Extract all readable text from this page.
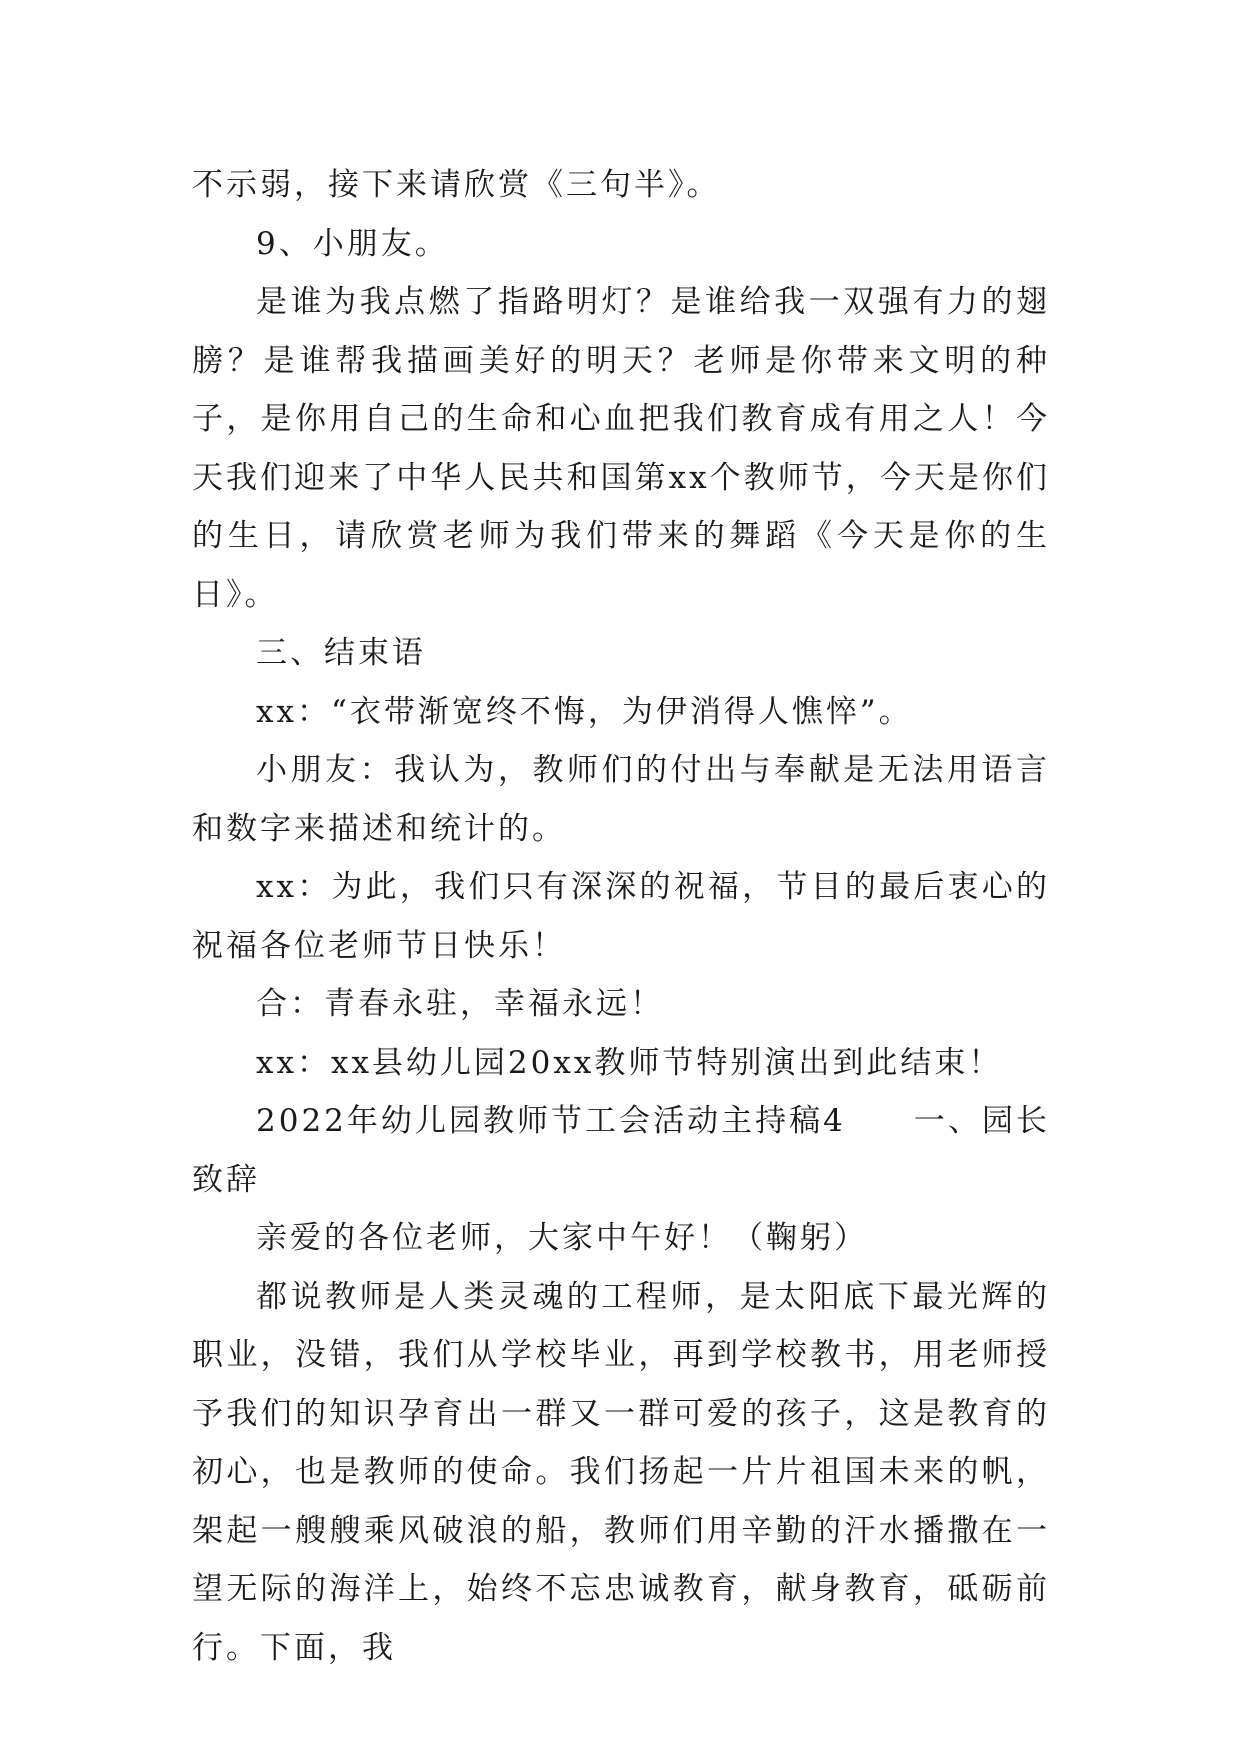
不示弱，接下来请欣赏《三句半》。

9、小朋友。

是谁为我点燃了指路明灯？是谁给我一双强有力的翅膀？是谁帮我描画美好的明天？老师是你带来文明的种子，是你用自己的生命和心血把我们教育成有用之人！今天我们迎来了中华人民共和国第xx个教师节，今天是你们的生日，请欣赏老师为我们带来的舞蹈《今天是你的生日》。

三、结束语

xx：“衣带渐宽终不悔，为伊消得人憔悴”。

小朋友：我认为，教师们的付出与奉献是无法用语言和数字来描述和统计的。

xx：为此，我们只有深深的祝福，节目的最后衷心的祝福各位老师节日快乐！

合：青春永驻，幸福永远！

xx：xx县幼儿园20xx教师节特别演出到此结束！

2022年幼儿园教师节工会活动主持稿4　　一、园长致辞

亲爱的各位老师，大家中午好！（鞠躬）

都说教师是人类灵魂的工程师，是太阳底下最光辉的职业，没错，我们从学校毕业，再到学校教书，用老师授予我们的知识孕育出一群又一群可爱的孩子，这是教育的初心，也是教师的使命。我们扬起一片片祖国未来的帆，架起一艘艘乘风破浪的船，教师们用辛勤的汗水播撒在一望无际的海洋上，始终不忘忠诚教育，献身教育，砥砺前行。下面，我
